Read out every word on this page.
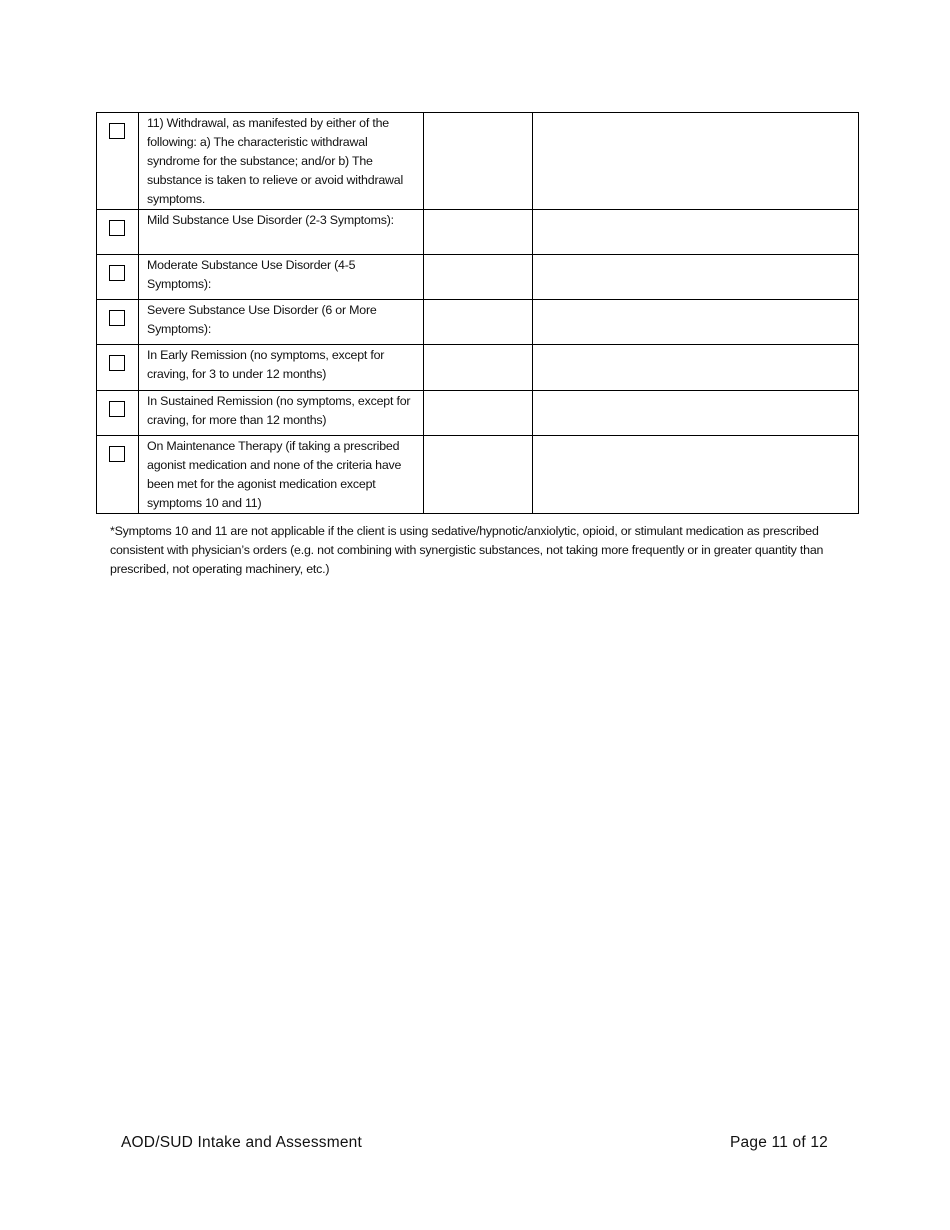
	11) Withdrawal, as manifested by either of the following: a) The characteristic withdrawal syndrome for the substance; and/or b) The substance is taken to relieve or avoid withdrawal symptoms.		

	Mild Substance Use Disorder (2-3 Symptoms):		

	Moderate Substance Use Disorder (4-5 Symptoms):		

	Severe Substance Use Disorder (6 or More Symptoms):		

	In Early Remission (no symptoms, except for craving, for 3 to under 12 months)		

	In Sustained Remission (no symptoms, except for craving, for more than 12 months)		

	On Maintenance Therapy (if taking a prescribed agonist medication and none of the criteria have been met for the agonist medication except symptoms 10 and 11)		

*Symptoms 10 and 11 are not applicable if the client is using sedative/hypnotic/anxiolytic, opioid, or stimulant medication as prescribed consistent with physician’s orders (e.g. not combining with synergistic substances, not taking more frequently or in greater quantity than prescribed, not operating machinery, etc.)

AOD/SUD Intake and Assessment	Page 11 of 12
